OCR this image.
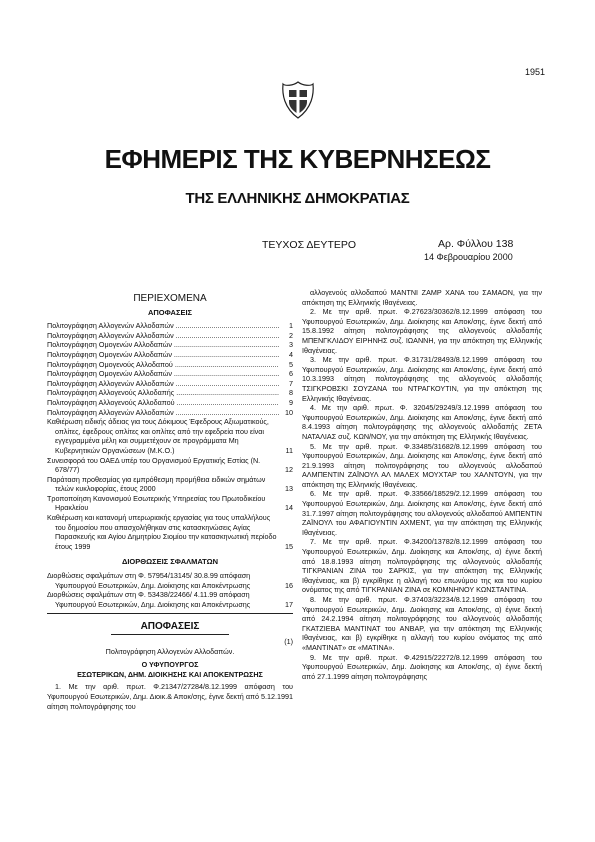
1951
ΕΦΗΜΕΡΙΣ ΤΗΣ ΚΥΒΕΡΝΗΣΕΩΣ
ΤΗΣ ΕΛΛΗΝΙΚΗΣ ΔΗΜΟΚΡΑΤΙΑΣ
ΤΕΥΧΟΣ ΔΕΥΤΕΡΟ	Αρ. Φύλλου 138
14 Φεβρουαρίου 2000
ΠΕΡΙΕΧΟΜΕΝΑ
ΑΠΟΦΑΣΕΙΣ
Πολιτογράφηση Αλλογενών Αλλοδαπών .....	1
Πολιτογράφηση Αλλογενών Αλλοδαπών .....	2
Πολιτογράφηση Ομογενών Αλλοδαπών .....	3
Πολιτογράφηση Ομογενών Αλλοδαπών .....	4
Πολιτογράφηση Ομογενούς Αλλοδαπού .....	5
Πολιτογράφηση Ομογενών Αλλοδαπών .....	6
Πολιτογράφηση Αλλογενών Αλλοδαπών .....	7
Πολιτογράφηση Αλλογενούς Αλλοδαπής .....	8
Πολιτογράφηση Αλλογενούς Αλλοδαπού .....	9
Πολιτογράφηση Αλλογενών Αλλοδαπών .....	10
Καθιέρωση ειδικής άδειας για τους Δόκιμους Έφεδρους Αξιωματικούς, οπλίτες, έφεδρους οπλίτες και οπλίτες από την εφεδρεία που είναι εγγεγραμμένα μέλη και συμμετέχουν σε προγράμματα Μη Κυβερνητικών Οργανώσεων (Μ.Κ.Ο.)	11
Συνεισφορά του ΟΑΕΔ υπέρ του Οργανισμού Εργατικής Εστίας (Ν. 678/77)	12
Παράταση προθεσμίας για εμπρόθεσμη προμήθεια ειδικών σημάτων τελών κυκλοφορίας, έτους 2000	13
Τροποποίηση Κανονισμού Εσωτερικής Υπηρεσίας του Πρωτοδικείου Ηρακλείου	14
Καθιέρωση και κατανομή υπερωριακής εργασίας για τους υπαλλήλους του δημοσίου που απασχολήθηκαν στις κατασκηνώσεις Αγίας Παρασκευής και Αγίου Δημητρίου Σιομίου την κατασκηνωτική περίοδο έτους 1999	15
ΔΙΟΡΘΩΣΕΙΣ ΣΦΑΛΜΑΤΩΝ
Διορθώσεις σφαλμάτων στη Φ. 57954/13145/ 30.8.99 απόφαση Υφυπουργού Εσωτερικών, Δημ. Διοίκησης και Αποκέντρωσης	16
Διορθώσεις σφαλμάτων στη Φ. 53438/22466/ 4.11.99 απόφαση Υφυπουργού Εσωτερικών, Δημ. Διοίκησης και Αποκέντρωσης	17
ΑΠΟΦΑΣΕΙΣ
(1)
Πολιτογράφηση Αλλογενών Αλλοδαπών.
Ο ΥΦΥΠΟΥΡΓΟΣ
ΕΣΩΤΕΡΙΚΩΝ, ΔΗΜ. ΔΙΟΙΚΗΣΗΣ ΚΑΙ ΑΠΟΚΕΝΤΡΩΣΗΣ
1. Με την αριθ. πρωτ. Φ.21347/27284/8.12.1999 απόφαση του Υφυπουργού Εσωτερικών, Δημ. Διοικ.& Αποκ/σης, έγινε δεκτή από 5.12.1991 αίτηση πολιτογράφησης του
αλλογενούς αλλοδαπού ΜΑΝΤΝΙ ΖΑΜΡ ΧΑΝΑ του ΣΑΜΑΟΝ, για την απόκτηση της Ελληνικής Ιθαγένειας.
2. Με την αριθ. πρωτ. Φ.27623/30362/8.12.1999 απόφαση του Υφυπουργού Εσωτερικών, Δημ. Διοίκησης και Αποκ/σης, έγινε δεκτή από 15.8.1992 αίτηση πολιτογράφησης της αλλογενούς αλλοδαπής ΜΠΕΝΓΚΛΙΔΟΥ ΕΙΡΗΝΗΣ συζ. ΙΩΑΝΝΗ, για την απόκτηση της Ελληνικής Ιθαγένειας.
3. Με την αριθ. πρωτ. Φ.31731/28493/8.12.1999 απόφαση του Υφυπουργού Εσωτερικών, Δημ. Διοίκησης και Αποκ/σης, έγινε δεκτή από 10.3.1993 αίτηση πολιτογράφησης της αλλογενούς αλλοδαπής ΤΣΙΓΚΡΟΒΣΚΙ ΣΟΥΖΑΝΑ του ΝΤΡΑΓΚΟΥΤΙΝ, για την απόκτηση της Ελληνικής Ιθαγένειας.
4. Με την αριθ. πρωτ. Φ. 32045/29249/3.12.1999 απόφαση του Υφυπουργού Εσωτερικών, Δημ. Διοίκησης και Αποκ/σης, έγινε δεκτή από 8.4.1993 αίτηση πολιτογράφησης της αλλογενούς αλλοδαπής ΖΕΤΑ ΝΑΤΑΛΙΑΣ συζ. ΚΩΝ/ΝΟΥ, για την απόκτηση της Ελληνικής Ιθαγένειας.
5. Με την αριθ. πρωτ. Φ.33485/31682/8.12.1999 απόφαση του Υφυπουργού Εσωτερικών, Δημ. Διοίκησης και Αποκ/σης, έγινε δεκτή από 21.9.1993 αίτηση πολιτογράφησης του αλλογενούς αλλοδαπού ΑΛΜΠΕΝΤΙΝ ΖΑΪΝΟΥΛ ΑΛ ΜΑΛΕΧ ΜΟΥΧΤΑΡ του ΧΑΛΝΤΟΥΝ, για την απόκτηση της Ελληνικής Ιθαγένειας.
6. Με την αριθ. πρωτ. Φ.33566/18529/2.12.1999 απόφαση του Υφυπουργού Εσωτερικών, Δημ. Διοίκησης και Αποκ/σης, έγινε δεκτή από 31.7.1997 αίτηση πολιτογράφησης του αλλογενούς αλλοδαπού ΑΜΠΕΝΤΙΝ ΖΑΪΝΟΥΛ του ΑΦΑΓΙΟΥΝΤΙΝ ΑΧΜΕΝΤ, για την απόκτηση της Ελληνικής Ιθαγένειας.
7. Με την αριθ. πρωτ. Φ.34200/13782/8.12.1999 απόφαση του Υφυπουργού Εσωτερικών, Δημ. Διοίκησης και Αποκ/σης, α) έγινε δεκτή από 18.8.1993 αίτηση πολιτογράφησης της αλλογενούς αλλοδαπής ΤΙΓΚΡΑΝΙΑΝ ΖΙΝΑ του ΣΑΡΚΙΣ, για την απόκτηση της Ελληνικής Ιθαγένειας, και β) εγκρίθηκε η αλλαγή του επωνύμου της και του κυρίου ονόματος της από ΤΙΓΚΡΑΝΙΑΝ ΖΙΝΑ σε ΚΟΜΝΗΝΟΥ ΚΩΝΣΤΑΝΤΙΝΑ.
8. Με την αριθ. πρωτ. Φ.37403/32234/8.12.1999 απόφαση του Υφυπουργού Εσωτερικών, Δημ. Διοίκησης και Αποκ/σης, α) έγινε δεκτή από 24.2.1994 αίτηση πολιτογράφησης του αλλογενούς αλλοδαπής ΓΚΑΤΖΙΕΒΑ ΜΑΝΤΙΝΑΤ του ΑΝΒΑΡ, για την απόκτηση της Ελληνικής Ιθαγένειας, και β) εγκρίθηκε η αλλαγή του κυρίου ονόματος της από «ΜΑΝΤΙΝΑΤ» σε «ΜΑΤΙΝΑ».
9. Με την αριθ. πρωτ. Φ.42915/22272/8.12.1999 απόφαση του Υφυπουργού Εσωτερικών, Δημ. Διοίκησης και Αποκ/σης, α) έγινε δεκτή από 27.1.1999 αίτηση πολιτογράφησης
